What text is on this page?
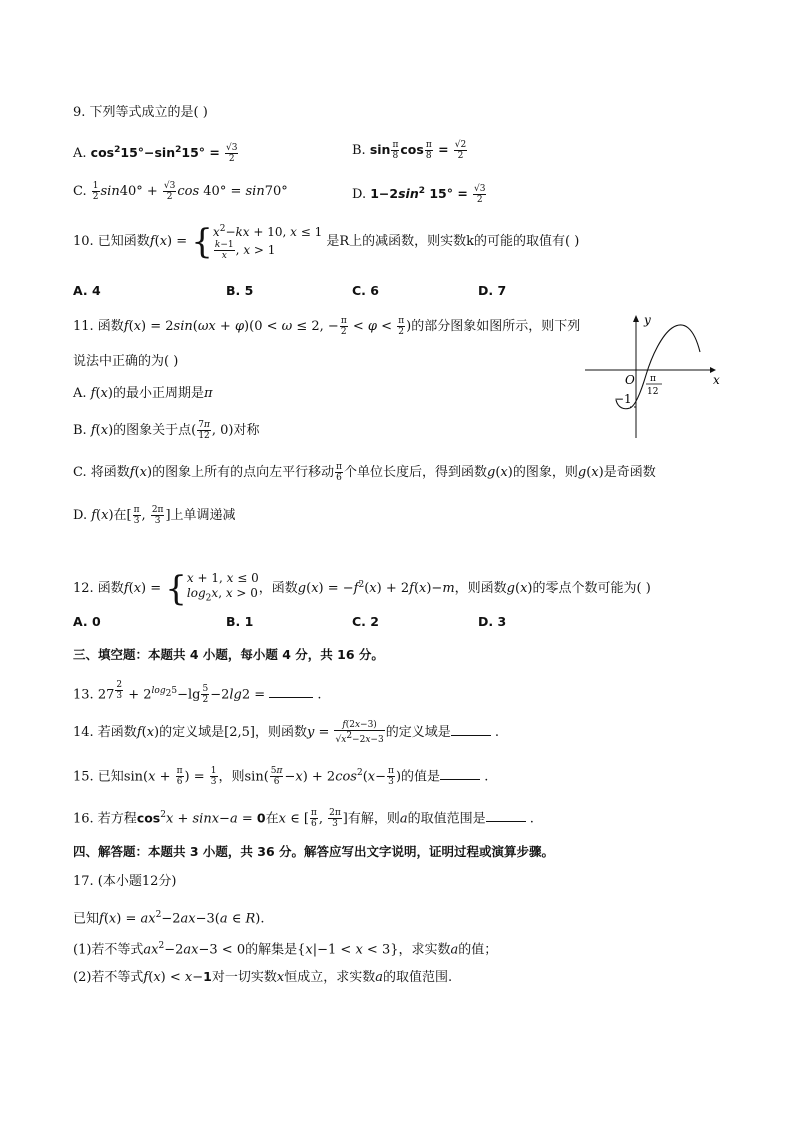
9. 下列等式成立的是( )
A. $\cos^215^\circ-\sin^215^\circ = \frac{√3}{2}$	B. $\sin \frac{\pi}{8}$ $\cos \frac{\pi}{8} = \frac{√2}{2}$
C. $\frac{1}{2} \sin 40^\circ + \frac{√3}{2}$ cos 40° = sin70°	D. $1-2\sin^2$ $15^\circ = \frac{√3}{2}$
10. 已知函数f(x) = { $x^2-kx + 10$, x ≤ 1
$\frac{k-1}{x}$ , x > 1
是R上的减函数，则实数k的可能的取值有( )
A. 4	B. 5	C. 6	D. 7
11. 函数f(x) = 2sin(ωx + φ)(0 < ω ≤ 2, − $\frac{\pi}{2} < \varphi < \frac{\pi}{2}$ )的部分图象如图所示，则下列
说法中正确的为( )
A. f(x)的最小正周期是π
B. f(x)的图象关于点( $\frac{7\pi}{12}$ , 0)对称
C. 将函数f(x)的图象上所有的点向左平行移动 $\frac{\pi}{6}$ 个单位长度后，得到函数g(x)的图象，则g(x)是奇函数
D. f(x)在[ $\frac{\pi}{3}$ , $\frac{2\pi}{3}$ ]上单调递减
y
x
O
−1
π
12
12. 函数f(x) = { x + 1, x ≤ 0
$\log_2x$, x > 0 ，函数$g(x) = -f^2(x) + 2f(x)-m$，则函数g(x)的零点个数可能为( )
A. 0	B. 1	C. 2	D. 3
三、填空题：本题共 4 小题，每小题 4 分，共 16 分。
13. 27 $^{\frac{2}{3}} + 2^{log_25}-\lg \frac{5}{2} -2\lg 2$ =	.
14. 若函数f(x)的定义域是[2,5]，则函数$y = \frac{f(2x-3)}{√x^2-2x-3}$ 的定义域是	.
15. 已知$\sin(x + \frac{\pi}{6}$ ) = $\frac{1}{3}$ ，则$\sin( \frac{5\pi}{6} -x) + 2\cos^2(x- \frac{\pi}{3}$ )的值是	.
16. 若方程$\cos^2x + \sin x-a = 0$在x ∈ [ $\frac{\pi}{6}$ , $\frac{2\pi}{3}$ ]有解，则a的取值范围是	.
四、解答题：本题共 3 小题，共 36 分。解答应写出文字说明，证明过程或演算步骤。
17. (本小题12分)
已知$f(x) = ax^2-2ax-3(a$ ∈ R).
(1)若不等式$ax^2-2ax-3 < 0$的解集是{x|−1 < x < 3}，求实数a的值；
(2)若不等式f(x) < x−1对一切实数x恒成立，求实数a的取值范围.
